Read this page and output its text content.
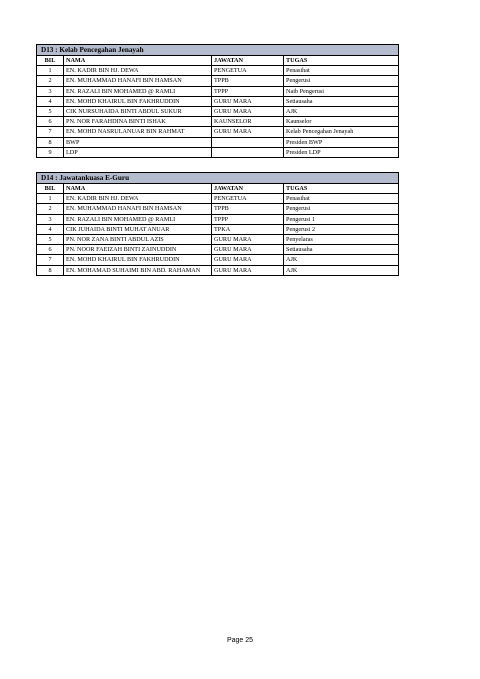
D13 : Kelab Pencegahan Jenayah
BIL	NAMA	JAWATAN	TUGAS
1	EN. KADIR BIN HJ. DEWA	PENGETUA	Penasihat
2	EN. MUHAMMAD HANAFI BIN HAMSAN	TPPB	Pengerusi
3	EN. RAZALI BIN MOHAMED @ RAMLI	TPPP	Naib Pengerusi
4	EN. MOHD KHAIRUL BIN FAKHRUDDIN	GURU MARA	Setiausaha
5	CIK NURSUHAIDA BINTI ABDUL SUKUR	GURU MARA	AJK
6	PN. NOR FARAHDINA BINTI ISHAK	KAUNSELOR	Kaunselor
7	EN. MOHD NASRULANUAR BIN RAHMAT	GURU MARA	Kelab Pencegahan Jenayah
8	BWP		Presiden BWP
9	LDP		Presiden LDP
D14 : Jawatankuasa E-Guru
BIL	NAMA	JAWATAN	TUGAS
1	EN. KADIR BIN HJ. DEWA	PENGETUA	Penasihat
2	EN. MUHAMMAD HANAFI BIN HAMSAN	TPPB	Pengerusi
3	EN. RAZALI BIN MOHAMED @ RAMLI	TPPP	Pengerusi 1
4	CIK JUHAIDA BINTI MUHAT ANUAR	TPKA	Pengerusi 2
5	PN. NOR ZANA BINTI ABDUL AZIS	GURU MARA	Penyelaras
6	PN. NOOR FAEIZAH BINTI ZAINUDDIN	GURU MARA	Setiausaha
7	EN. MOHD KHAIRUL BIN FAKHRUDDIN	GURU MARA	AJK
8	EN. MOHAMAD SUHAIMI BIN ABD. RAHAMAN	GURU MARA	AJK
Page 25
